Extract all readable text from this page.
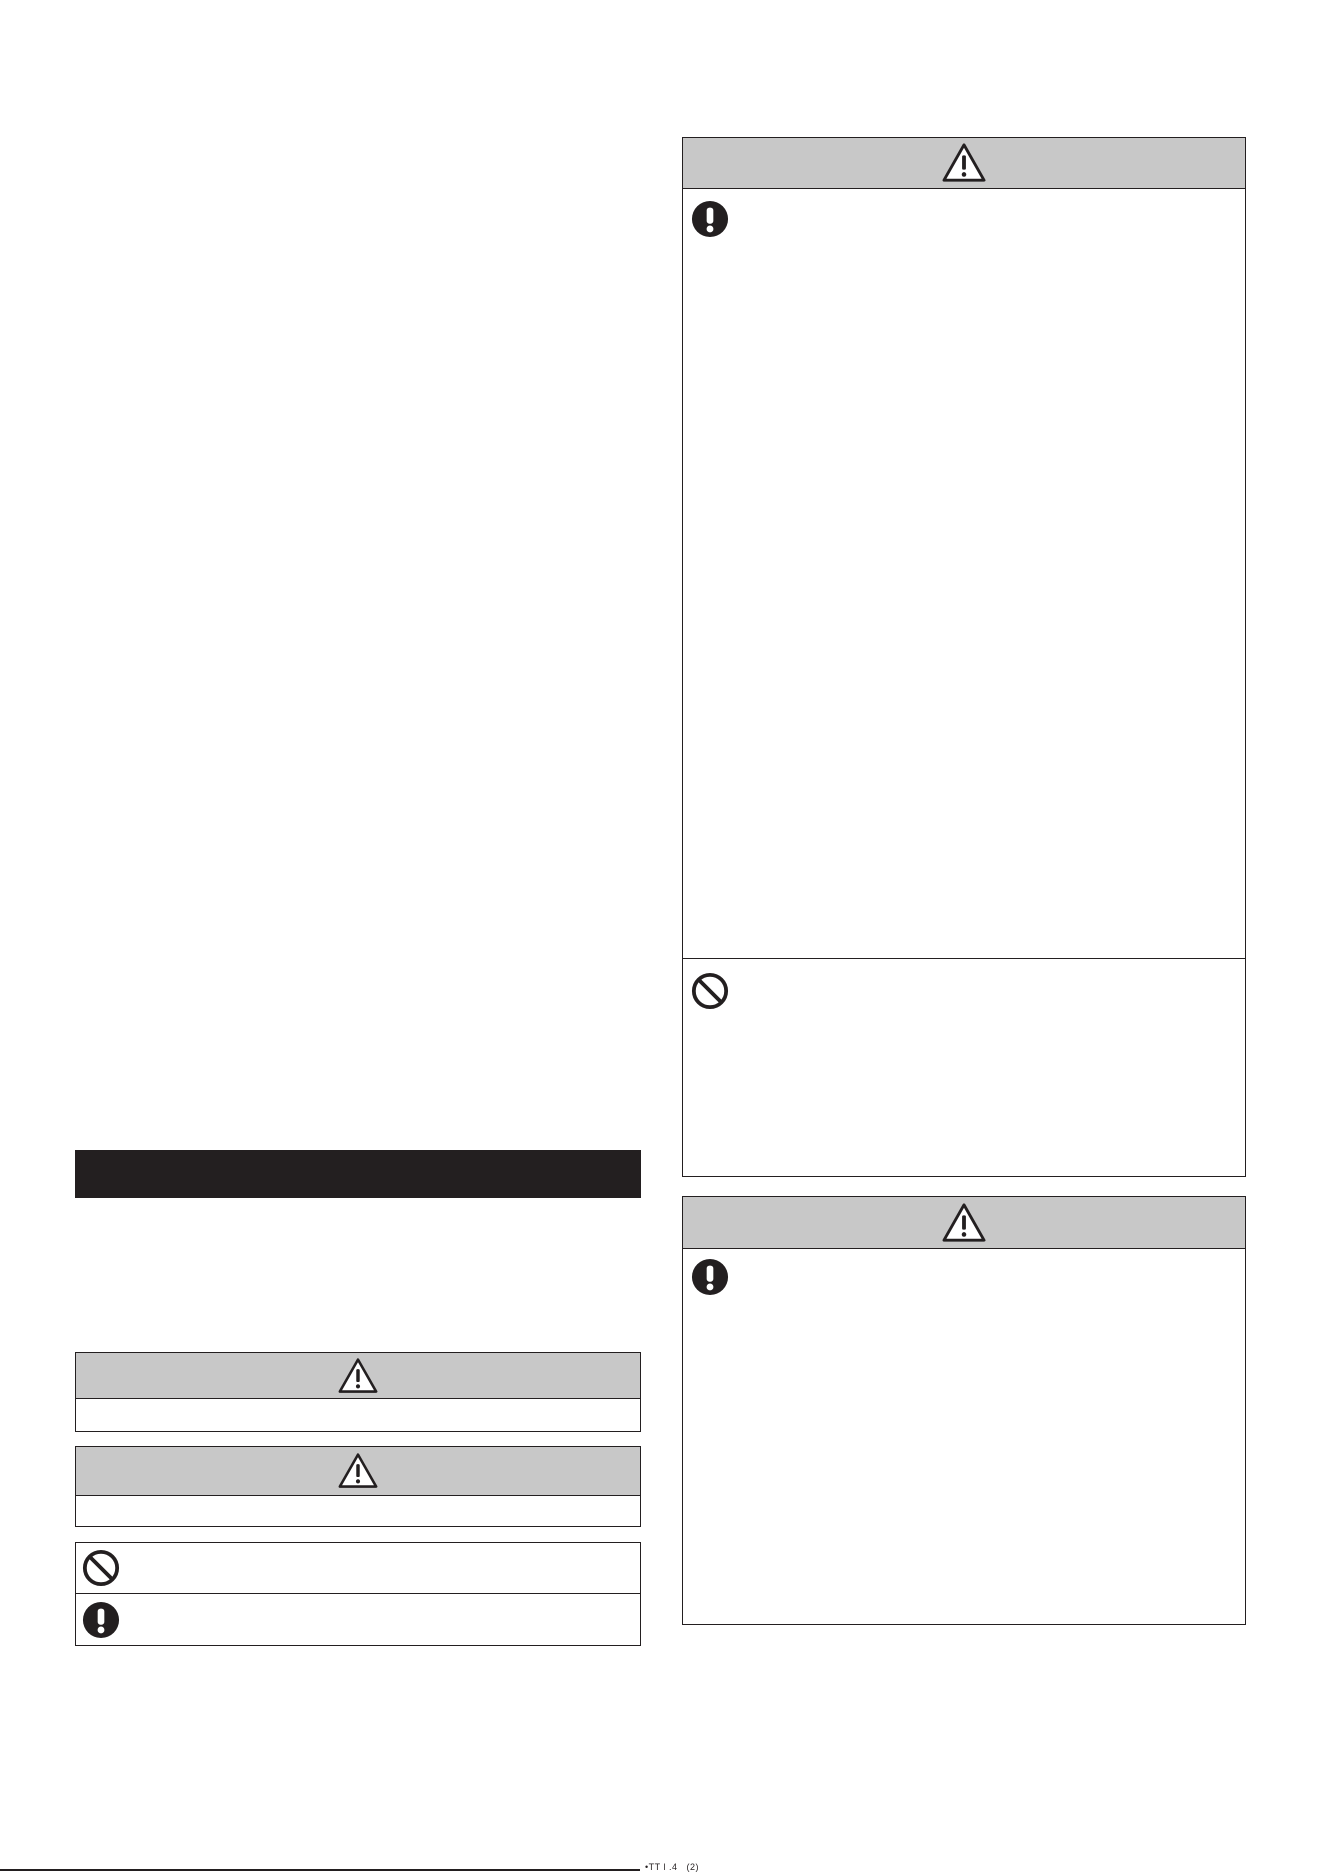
•TT l .4   (2)
